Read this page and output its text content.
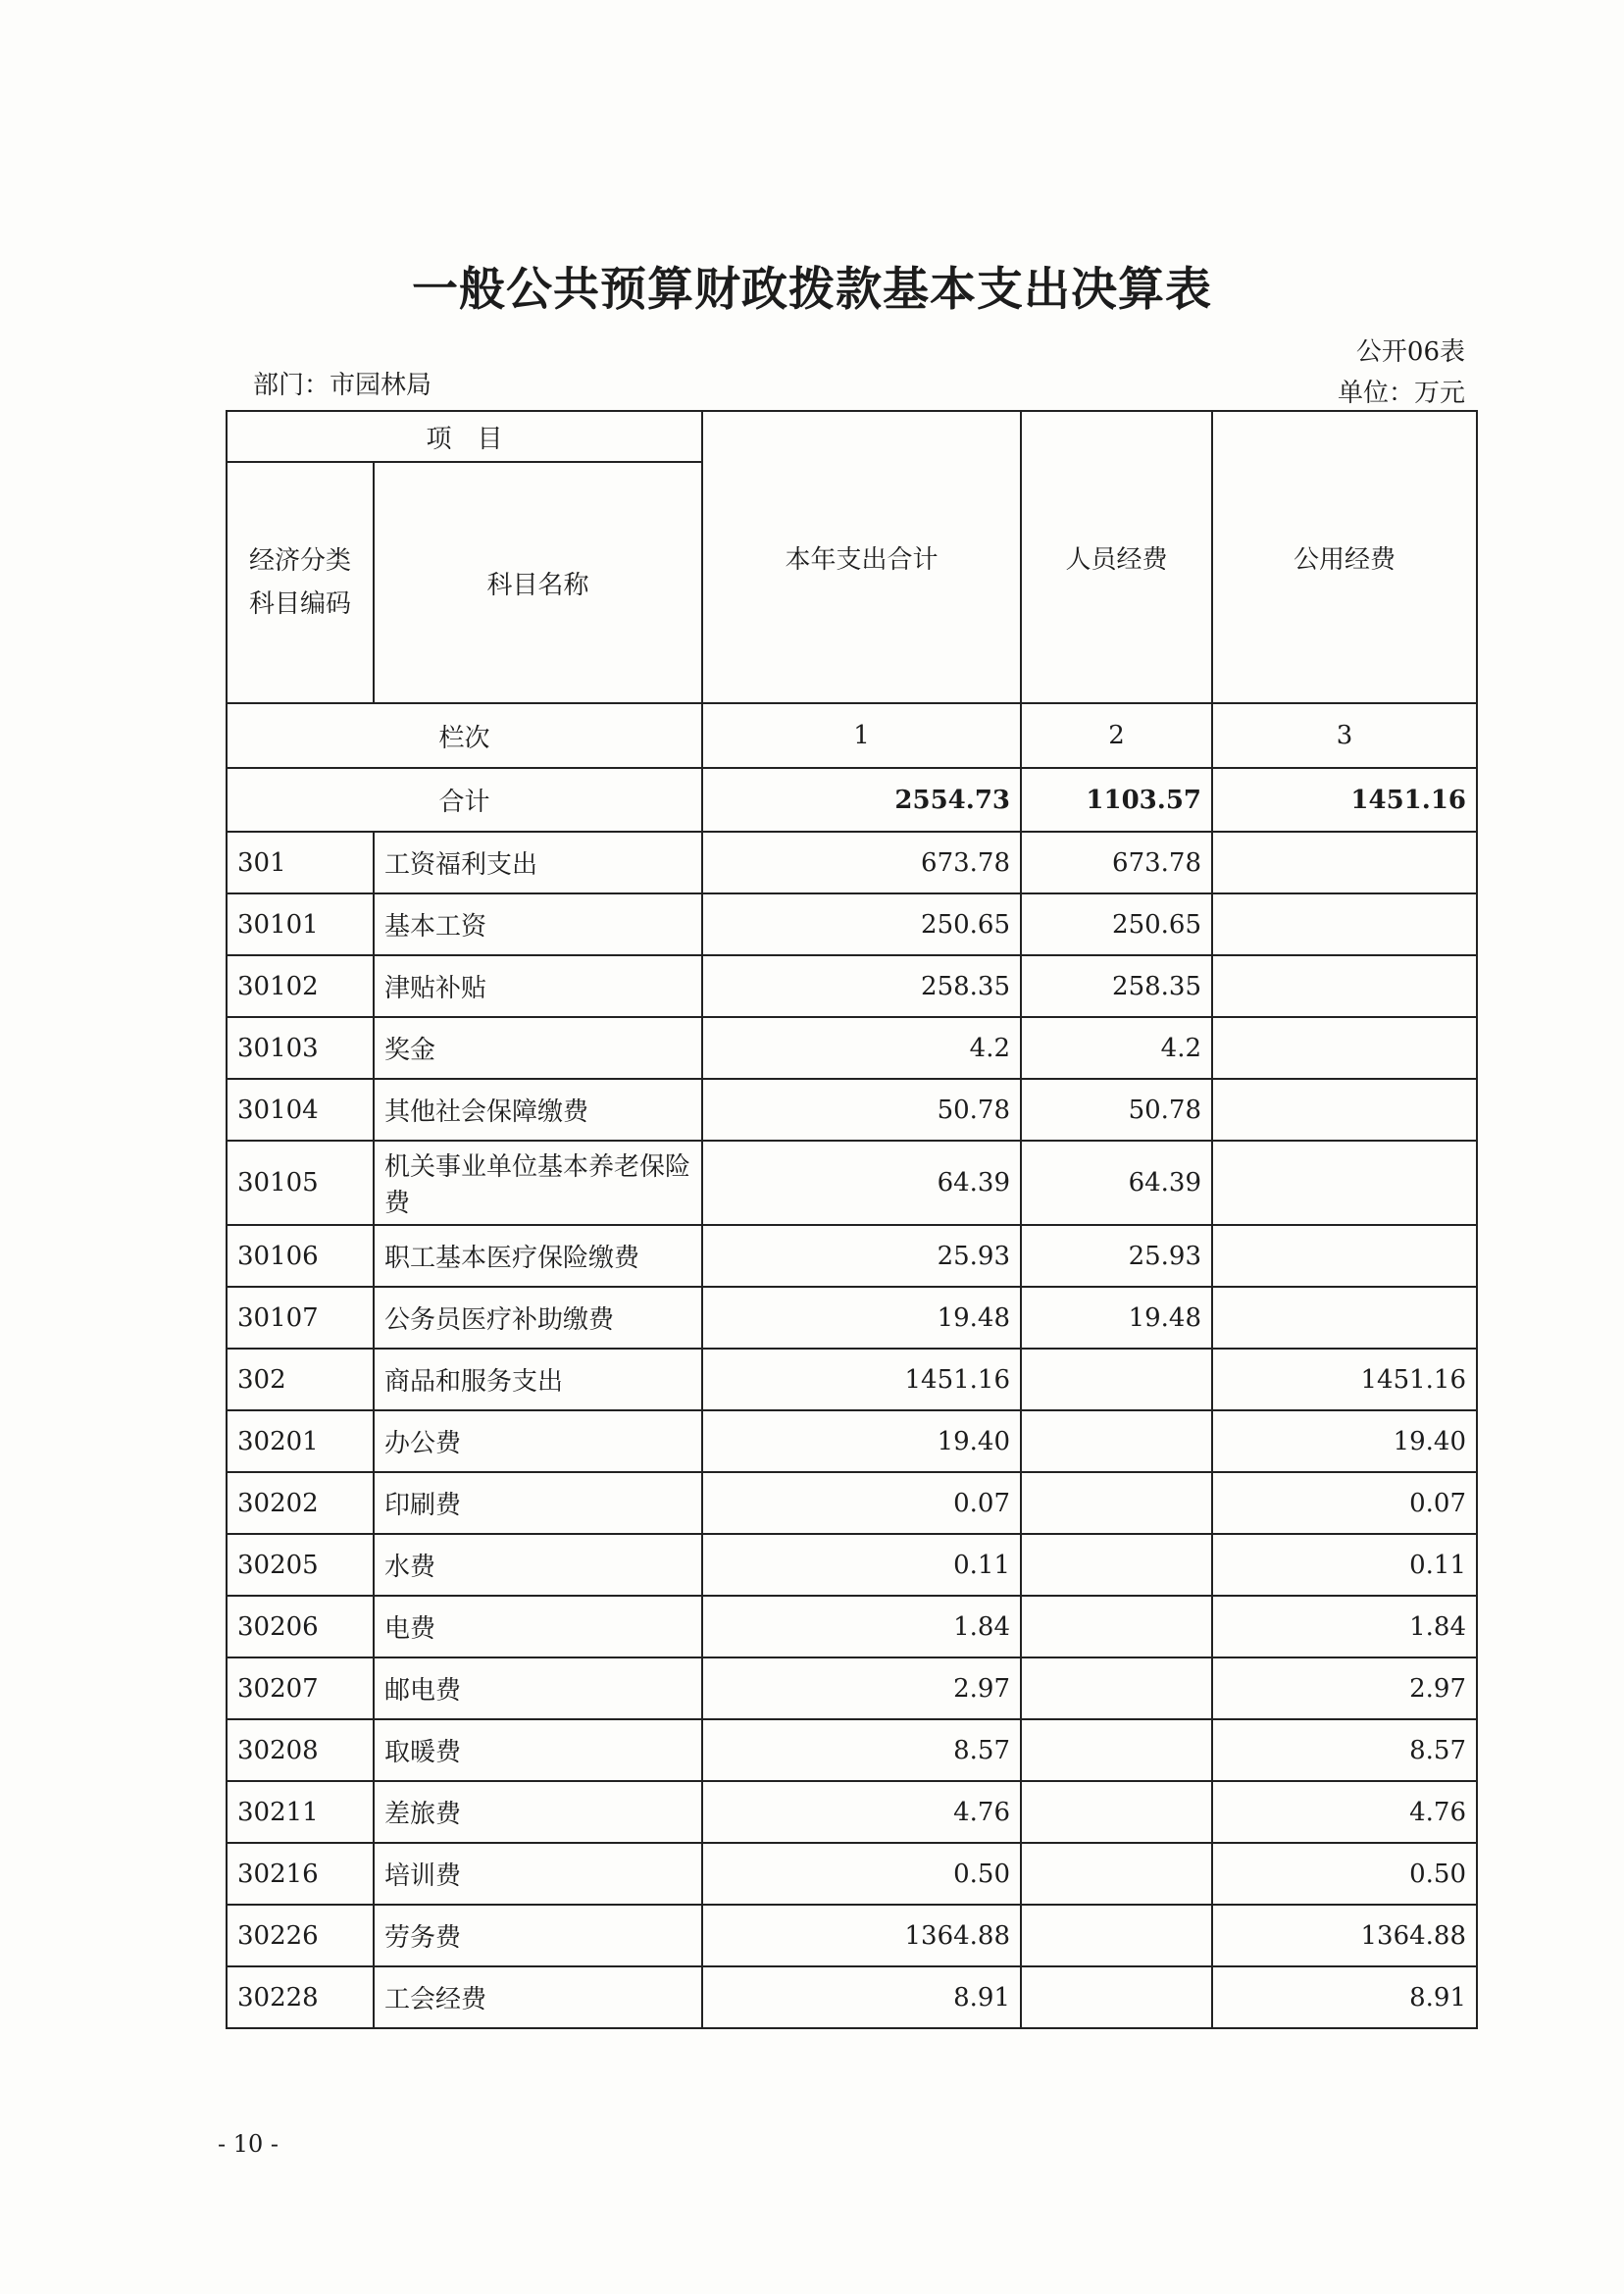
一般公共预算财政拨款基本支出决算表
公开06表
部门：市园林局	单位：万元
项　目		本年支出合计	人员经费	公用经费
经济分类科目编码	科目名称			
栏次		1	2	3
合计		2554.73	1103.57	1451.16
301	工资福利支出	673.78	673.78	
30101	基本工资	250.65	250.65	
30102	津贴补贴	258.35	258.35	
30103	奖金	4.2	4.2	
30104	其他社会保障缴费	50.78	50.78	
30105	机关事业单位基本养老保险费	64.39	64.39	
30106	职工基本医疗保险缴费	25.93	25.93	
30107	公务员医疗补助缴费	19.48	19.48	
302	商品和服务支出	1451.16		1451.16
30201	办公费	19.40		19.40
30202	印刷费	0.07		0.07
30205	水费	0.11		0.11
30206	电费	1.84		1.84
30207	邮电费	2.97		2.97
30208	取暖费	8.57		8.57
30211	差旅费	4.76		4.76
30216	培训费	0.50		0.50
30226	劳务费	1364.88		1364.88
30228	工会经费	8.91		8.91
- 10 -
